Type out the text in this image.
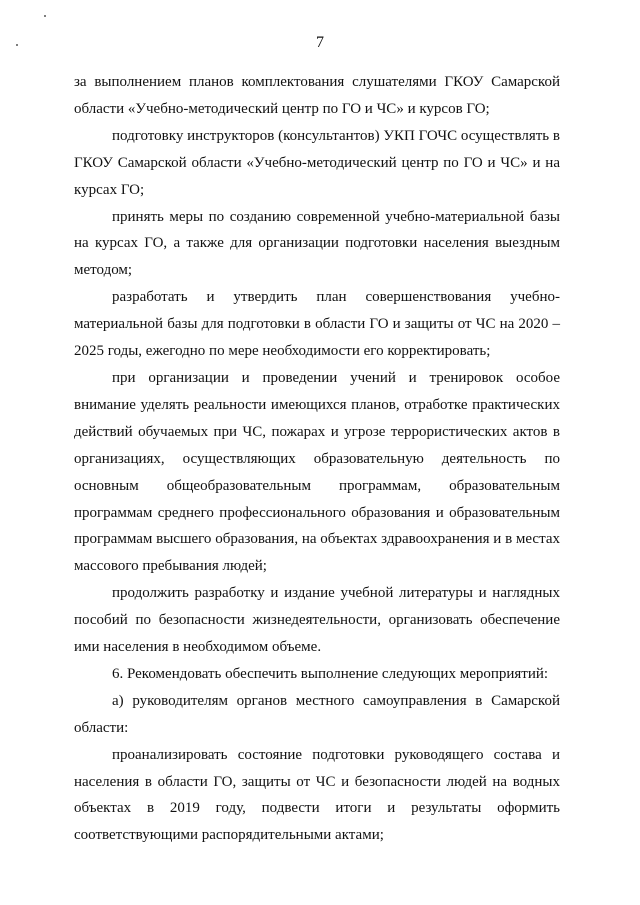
7

за выполнением планов комплектования слушателями ГКОУ Самарской области «Учебно-методический центр по ГО и ЧС» и курсов ГО;

подготовку инструкторов (консультантов) УКП ГОЧС осуществлять в ГКОУ Самарской области «Учебно-методический центр по ГО и ЧС» и на курсах ГО;

принять меры по созданию современной учебно-материальной базы на курсах ГО, а также для организации подготовки населения выездным методом;

разработать и утвердить план совершенствования учебно-материальной базы для подготовки в области ГО и защиты от ЧС на 2020 – 2025 годы, ежегодно по мере необходимости его корректировать;

при организации и проведении учений и тренировок особое внимание уделять реальности имеющихся планов, отработке практических действий обучаемых при ЧС, пожарах и угрозе террористических актов в организациях, осуществляющих образовательную деятельность по основным общеобразовательным программам, образовательным программам среднего профессионального образования и образовательным программам высшего образования, на объектах здравоохранения и в местах массового пребывания людей;

продолжить разработку и издание учебной литературы и наглядных пособий по безопасности жизнедеятельности, организовать обеспечение ими населения в необходимом объеме.

6. Рекомендовать обеспечить выполнение следующих мероприятий:

а) руководителям органов местного самоуправления в Самарской области:

проанализировать состояние подготовки руководящего состава и населения в области ГО, защиты от ЧС и безопасности людей на водных объектах в 2019 году, подвести итоги и результаты оформить соответствующими распорядительными актами;
